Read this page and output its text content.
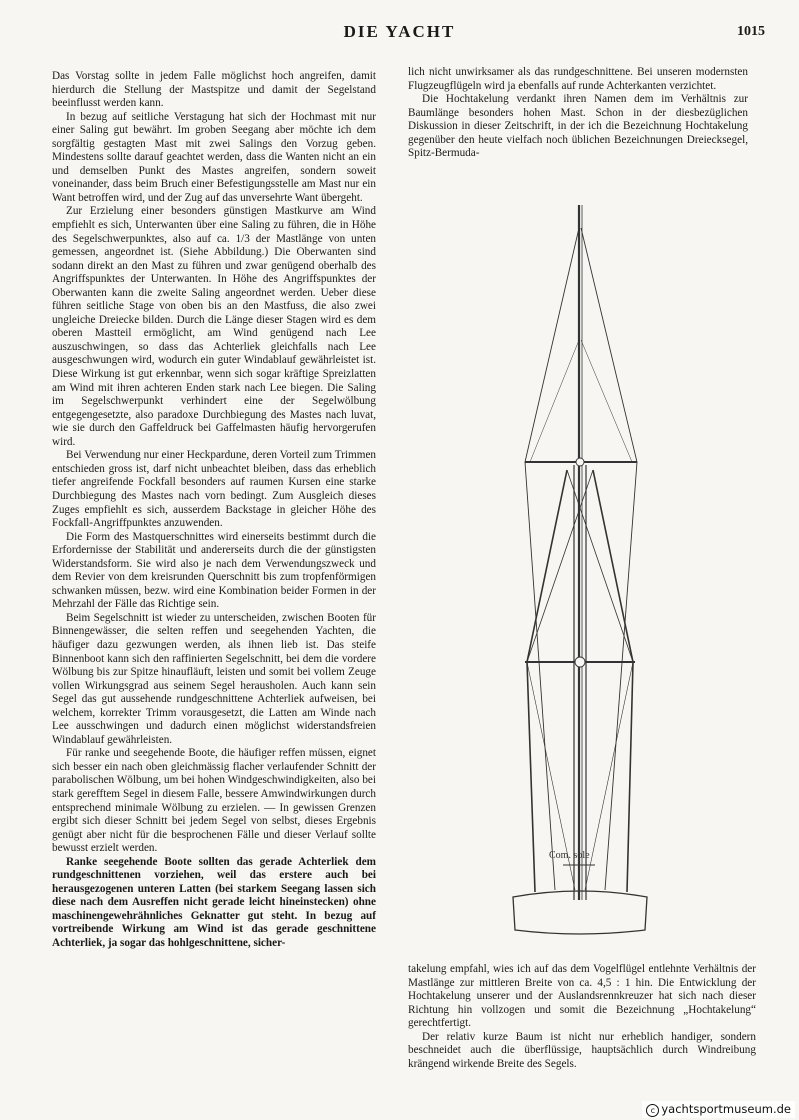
DIE YACHT	1015

Das Vorstag sollte in jedem Falle möglichst hoch angreifen, damit hierdurch die Stellung der Mastspitze und damit der Segelstand beeinflusst werden kann.

In bezug auf seitliche Verstagung hat sich der Hochmast mit nur einer Saling gut bewährt. Im groben Seegang aber möchte ich dem sorgfältig gestagten Mast mit zwei Salings den Vorzug geben. Mindestens sollte darauf geachtet werden, dass die Wanten nicht an ein und demselben Punkt des Mastes angreifen, sondern soweit voneinander, dass beim Bruch einer Befestigungsstelle am Mast nur ein Want betroffen wird, und der Zug auf das unversehrte Want übergeht.

Zur Erzielung einer besonders günstigen Mastkurve am Wind empfiehlt es sich, Unterwanten über eine Saling zu führen, die in Höhe des Segelschwerpunktes, also auf ca. 1/3 der Mastlänge von unten gemessen, angeordnet ist. (Siehe Abbildung.) Die Oberwanten sind sodann direkt an den Mast zu führen und zwar genügend oberhalb des Angriffspunktes der Unterwanten. In Höhe des Angriffspunktes der Oberwanten kann die zweite Saling angeordnet werden. Ueber diese führen seitliche Stage von oben bis an den Mastfuss, die also zwei ungleiche Dreiecke bilden. Durch die Länge dieser Stagen wird es dem oberen Mastteil ermöglicht, am Wind genügend nach Lee auszuschwingen, so dass das Achterliek gleichfalls nach Lee ausgeschwungen wird, wodurch ein guter Windablauf gewährleistet ist. Diese Wirkung ist gut erkennbar, wenn sich sogar kräftige Spreizlatten am Wind mit ihren achteren Enden stark nach Lee biegen. Die Saling im Segelschwerpunkt verhindert eine der Segelwölbung entgegengesetzte, also paradoxe Durchbiegung des Mastes nach luvat, wie sie durch den Gaffeldruck bei Gaffelmasten häufig hervorgerufen wird.

Bei Verwendung nur einer Heckpardune, deren Vorteil zum Trimmen entschieden gross ist, darf nicht unbeachtet bleiben, dass das erheblich tiefer angreifende Fockfall besonders auf raumen Kursen eine starke Durchbiegung des Mastes nach vorn bedingt. Zum Ausgleich dieses Zuges empfiehlt es sich, ausserdem Backstage in gleicher Höhe des Fockfall-Angriffpunktes anzuwenden.

Die Form des Mastquerschnittes wird einerseits bestimmt durch die Erfordernisse der Stabilität und andererseits durch die der günstigsten Widerstandsform. Sie wird also je nach dem Verwendungszweck und dem Revier von dem kreisrunden Querschnitt bis zum tropfenförmigen schwanken müssen, bezw. wird eine Kombination beider Formen in der Mehrzahl der Fälle das Richtige sein.

Beim Segelschnitt ist wieder zu unterscheiden, zwischen Booten für Binnengewässer, die selten reffen und seegehenden Yachten, die häufiger dazu gezwungen werden, als ihnen lieb ist. Das steife Binnenboot kann sich den raffinierten Segelschnitt, bei dem die vordere Wölbung bis zur Spitze hinaufläuft, leisten und somit bei vollem Zeuge vollen Wirkungsgrad aus seinem Segel herausholen. Auch kann sein Segel das gut aussehende rundgeschnittene Achterliek aufweisen, bei welchem, korrekter Trimm vorausgesetzt, die Latten am Winde nach Lee ausschwingen und dadurch einen möglichst widerstandsfreien Windablauf gewährleisten.

Für ranke und seegehende Boote, die häufiger reffen müssen, eignet sich besser ein nach oben gleichmässig flacher verlaufender Schnitt der parabolischen Wölbung, um bei hohen Windgeschwindigkeiten, also bei stark gerefftem Segel in diesem Falle, bessere Amwindwirkungen durch entsprechend minimale Wölbung zu erzielen. — In gewissen Grenzen ergibt sich dieser Schnitt bei jedem Segel von selbst, dieses Ergebnis genügt aber nicht für die besprochenen Fälle und dieser Verlauf sollte bewusst erzielt werden.

Ranke seegehende Boote sollten das gerade Achterliek dem rundgeschnittenen vorziehen, weil das erstere auch bei herausgezogenen unteren Latten (bei starkem Seegang lassen sich diese nach dem Ausreffen nicht gerade leicht hineinstecken) ohne maschinengewehrähnliches Geknatter gut steht. In bezug auf vortreibende Wirkung am Wind ist das gerade geschnittene Achterliek, ja sogar das hohlgeschnittene, sicher-

lich nicht unwirksamer als das rundgeschnittene. Bei unseren modernsten Flugzeugflügeln wird ja ebenfalls auf runde Achterkanten verzichtet.

Die Hochtakelung verdankt ihren Namen dem im Verhältnis zur Baumlänge besonders hohen Mast. Schon in der diesbezüglichen Diskussion in dieser Zeitschrift, in der ich die Bezeichnung Hochtakelung gegenüber den heute vielfach noch üblichen Bezeichnungen Dreiecksegel, Spitz-Bermuda-

Com. sole

takelung empfahl, wies ich auf das dem Vogelflügel entlehnte Verhältnis der Mastlänge zur mittleren Breite von ca. 4,5 : 1 hin. Die Entwicklung der Hochtakelung unserer und der Auslandsrennkreuzer hat sich nach dieser Richtung hin vollzogen und somit die Bezeichnung „Hochtakelung“ gerechtfertigt.

Der relativ kurze Baum ist nicht nur erheblich handiger, sondern beschneidet auch die überflüssige, hauptsächlich durch Windreibung krängend wirkende Breite des Segels.

c yachtsportmuseum.de
